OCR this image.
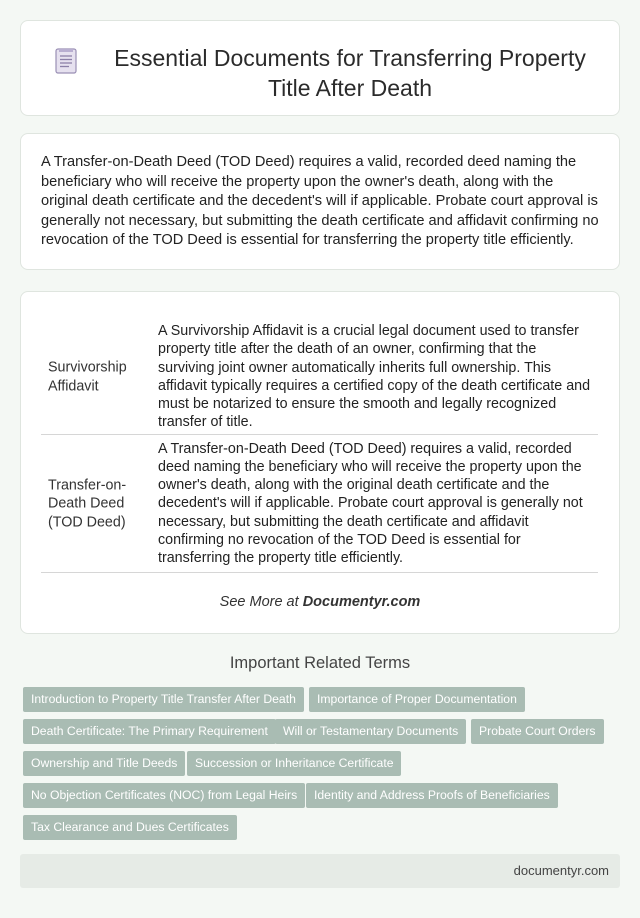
Essential Documents for Transferring Property Title After Death

A Transfer-on-Death Deed (TOD Deed) requires a valid, recorded deed naming the beneficiary who will receive the property upon the owner's death, along with the original death certificate and the decedent's will if applicable. Probate court approval is generally not necessary, but submitting the death certificate and affidavit confirming no revocation of the TOD Deed is essential for transferring the property title efficiently.

Survivorship Affidavit
A Survivorship Affidavit is a crucial legal document used to transfer property title after the death of an owner, confirming that the surviving joint owner automatically inherits full ownership. This affidavit typically requires a certified copy of the death certificate and must be notarized to ensure the smooth and legally recognized transfer of title.
Transfer-on-Death Deed (TOD Deed)
A Transfer-on-Death Deed (TOD Deed) requires a valid, recorded deed naming the beneficiary who will receive the property upon the owner's death, along with the original death certificate and the decedent's will if applicable. Probate court approval is generally not necessary, but submitting the death certificate and affidavit confirming no revocation of the TOD Deed is essential for transferring the property title efficiently.
See More at Documentyr.com
Important Related Terms
Introduction to Property Title Transfer After Death	Importance of Proper Documentation
Death Certificate: The Primary Requirement	Will or Testamentary Documents	Probate Court Orders
Ownership and Title Deeds	Succession or Inheritance Certificate
No Objection Certificates (NOC) from Legal Heirs	Identity and Address Proofs of Beneficiaries
Tax Clearance and Dues Certificates
documentyr.com
